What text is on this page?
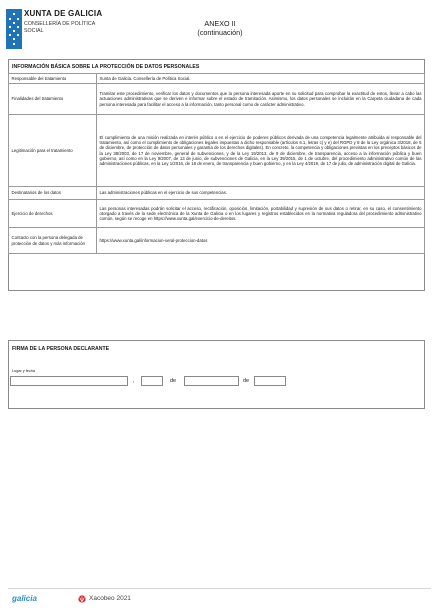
XUNTA DE GALICIA
CONSELLERÍA DE POLÍTICA
SOCIAL
ANEXO II
(continuación)
INFORMACIÓN BÁSICA SOBRE LA PROTECCIÓN DE DATOS PERSONALES
Responsable del tratamiento	Xunta de Galicia. Consellería de Política Social.
Finalidades del tratamiento	Tramitar este procedimiento, verificar los datos y documentos que la persona interesada aporte en su solicitud para comprobar la exactitud de estos, llevar a cabo las actuaciones administrativas que se deriven e informar sobre el estado de tramitación. Asimismo, los datos personales se incluirán en la Carpeta ciudadana de cada persona interesada para facilitar el acceso a la información, tanto personal como de carácter administrativo.
Legitimación para el tratamiento	El cumplimiento de una misión realizada en interés público o en el ejercicio de poderes públicos derivada de una competencia legalmente atribuida al responsable del tratamiento, así como el cumplimiento de obligaciones legales impuestas a dicho responsable (artículos 6.1, letras c) y e) del RGPD y 8 de la Ley orgánica 3/2018, de 5 de diciembre, de protección de datos personales y garantía de los derechos digitales). En concreto, la competencia y obligaciones previstas en los preceptos básicos de la Ley 38/2003, de 17 de noviembre, general de subvenciones, y de la Ley 19/2013, de 9 de diciembre, de transparencia, acceso a la información pública y buen gobierno, así como en la Ley 9/2007, de 13 de junio, de subvenciones de Galicia, en la Ley 39/2015, de 1 de octubre, del procedimiento administrativo común de las administraciones públicas, en la Ley 1/2016, de 18 de enero, de transparencia y buen gobierno, y en la Ley 4/2019, de 17 de julio, de administración digital de Galicia.
Destinatarios de los datos	Las administraciones públicas en el ejercicio de sus competencias.
Ejercicio de derechos	Las personas interesadas podrán solicitar el acceso, rectificación, oposición, limitación, portabilidad y supresión de sus datos o retirar, en su caso, el consentimiento otorgado a través de la sede electrónica de la Xunta de Galicia o en los lugares y registros establecidos en la normativa reguladora del procedimiento administrativo común, según se recoge en https://www.xunta.gal/exercicio-de-dereitos.
Contacto con la persona delegada de protección de datos y más información	https://www.xunta.gal/informacion-xeral-proteccion-datos
FIRMA DE LA PERSONA DECLARANTE
Lugar y fecha
,	de	de
galicia	Xacobeo 2021
